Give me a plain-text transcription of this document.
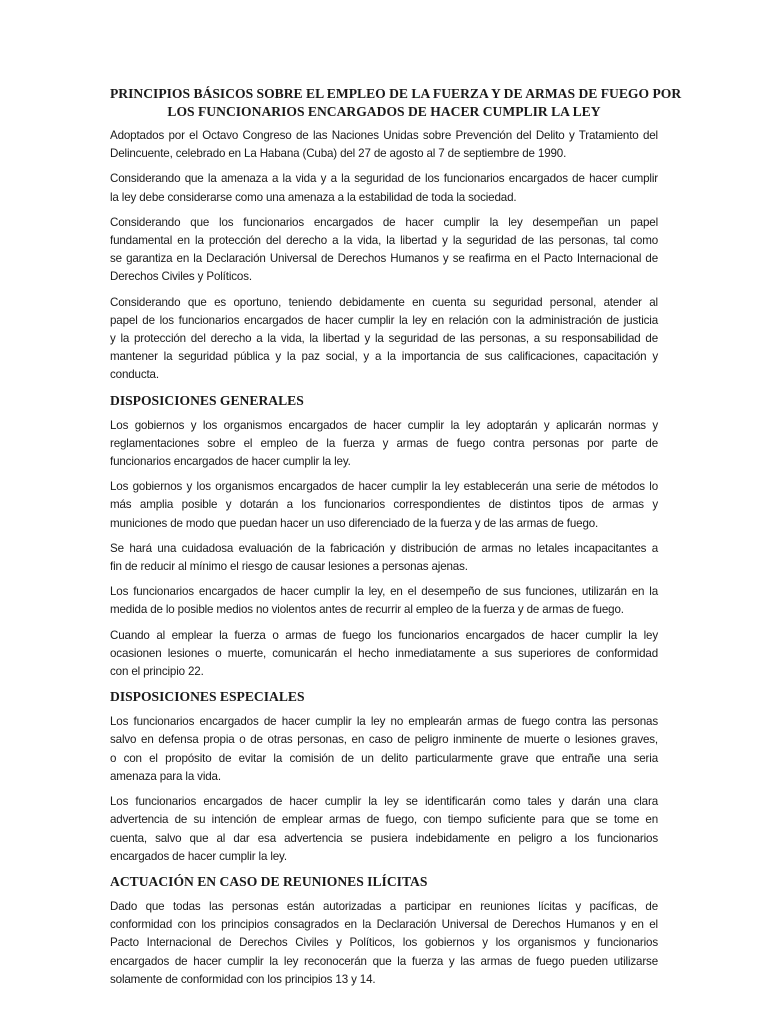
PRINCIPIOS BÁSICOS SOBRE EL EMPLEO DE LA FUERZA Y DE ARMAS DE FUEGO POR
LOS FUNCIONARIOS ENCARGADOS DE HACER CUMPLIR LA LEY
Adoptados por el Octavo Congreso de las Naciones Unidas sobre Prevención del Delito y Tratamiento del
Delincuente, celebrado en La Habana (Cuba) del 27 de agosto al 7 de septiembre de 1990.
Considerando que la amenaza a la vida y a la seguridad de los funcionarios encargados de hacer cumplir
la ley debe considerarse como una amenaza a la estabilidad de toda la sociedad.
Considerando que los funcionarios encargados de hacer cumplir la ley desempeñan un papel
fundamental en la protección del derecho a la vida, la libertad y la seguridad de las personas, tal como
se garantiza en la Declaración Universal de Derechos Humanos y se reafirma en el Pacto Internacional de
Derechos Civiles y Políticos.
Considerando que es oportuno, teniendo debidamente en cuenta su seguridad personal, atender al
papel de los funcionarios encargados de hacer cumplir la ley en relación con la administración de justicia
y la protección del derecho a la vida, la libertad y la seguridad de las personas, a su responsabilidad de
mantener la seguridad pública y la paz social, y a la importancia de sus calificaciones, capacitación y
conducta.
DISPOSICIONES GENERALES
Los gobiernos y los organismos encargados de hacer cumplir la ley adoptarán y aplicarán normas y
reglamentaciones sobre el empleo de la fuerza y armas de fuego contra personas por parte de
funcionarios encargados de hacer cumplir la ley.
Los gobiernos y los organismos encargados de hacer cumplir la ley establecerán una serie de métodos lo
más amplia posible y dotarán a los funcionarios correspondientes de distintos tipos de armas y
municiones de modo que puedan hacer un uso diferenciado de la fuerza y de las armas de fuego.
Se hará una cuidadosa evaluación de la fabricación y distribución de armas no letales incapacitantes a
fin de reducir al mínimo el riesgo de causar lesiones a personas ajenas.
Los funcionarios encargados de hacer cumplir la ley, en el desempeño de sus funciones, utilizarán en la
medida de lo posible medios no violentos antes de recurrir al empleo de la fuerza y de armas de fuego.
Cuando al emplear la fuerza o armas de fuego los funcionarios encargados de hacer cumplir la ley
ocasionen lesiones o muerte, comunicarán el hecho inmediatamente a sus superiores de conformidad
con el principio 22.
DISPOSICIONES ESPECIALES
Los funcionarios encargados de hacer cumplir la ley no emplearán armas de fuego contra las personas
salvo en defensa propia o de otras personas, en caso de peligro inminente de muerte o lesiones graves,
o con el propósito de evitar la comisión de un delito particularmente grave que entrañe una seria
amenaza para la vida.
Los funcionarios encargados de hacer cumplir la ley se identificarán como tales y darán una clara
advertencia de su intención de emplear armas de fuego, con tiempo suficiente para que se tome en
cuenta, salvo que al dar esa advertencia se pusiera indebidamente en peligro a los funcionarios
encargados de hacer cumplir la ley.
ACTUACIÓN EN CASO DE REUNIONES ILÍCITAS
Dado que todas las personas están autorizadas a participar en reuniones lícitas y pacíficas, de
conformidad con los principios consagrados en la Declaración Universal de Derechos Humanos y en el
Pacto Internacional de Derechos Civiles y Políticos, los gobiernos y los organismos y funcionarios
encargados de hacer cumplir la ley reconocerán que la fuerza y las armas de fuego pueden utilizarse
solamente de conformidad con los principios 13 y 14.
